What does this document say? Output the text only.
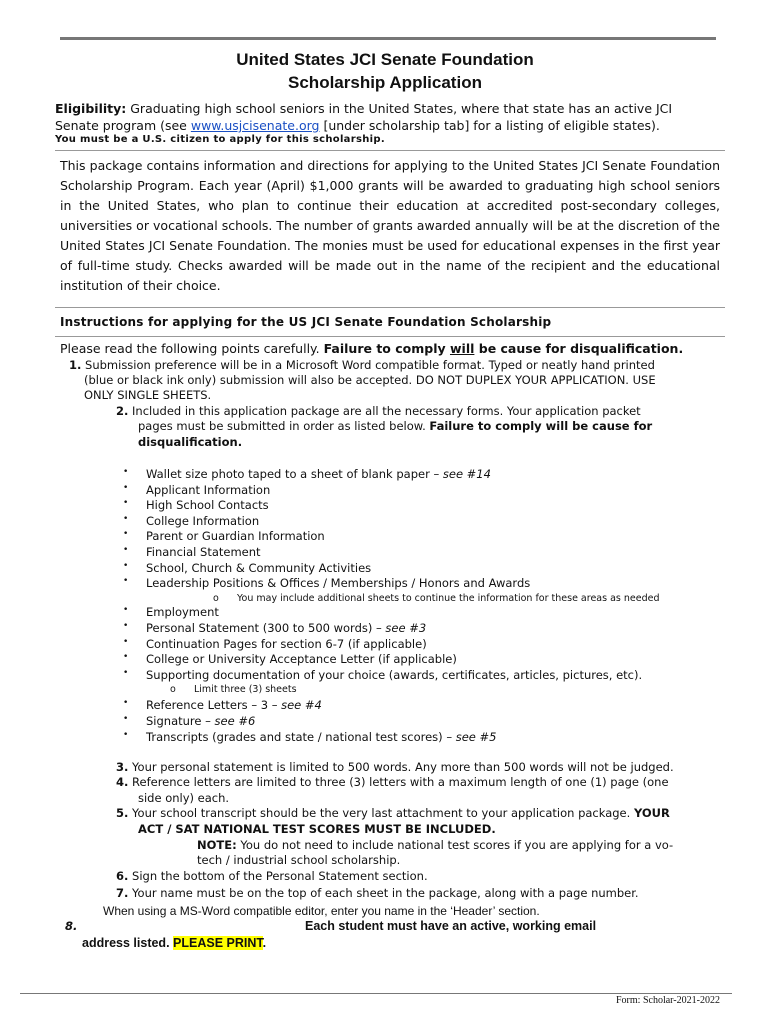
United States JCI Senate Foundation
Scholarship Application
Eligibility: Graduating high school seniors in the United States, where that state has an active JCI Senate program (see www.usjcisenate.org [under scholarship tab] for a listing of eligible states).
You must be a U.S. citizen to apply for this scholarship.
This package contains information and directions for applying to the United States JCI Senate Foundation Scholarship Program. Each year (April) $1,000 grants will be awarded to graduating high school seniors in the United States, who plan to continue their education at accredited post-secondary colleges, universities or vocational schools. The number of grants awarded annually will be at the discretion of the United States JCI Senate Foundation. The monies must be used for educational expenses in the first year of full-time study. Checks awarded will be made out in the name of the recipient and the educational institution of their choice.
Instructions for applying for the US JCI Senate Foundation Scholarship
Please read the following points carefully. Failure to comply will be cause for disqualification.
1. Submission preference will be in a Microsoft Word compatible format. Typed or neatly hand printed
(blue or black ink only) submission will also be accepted. DO NOT DUPLEX YOUR APPLICATION. USE
ONLY SINGLE SHEETS.
2. Included in this application package are all the necessary forms. Your application packet
pages must be submitted in order as listed below. Failure to comply will be cause for
disqualification.
• Wallet size photo taped to a sheet of blank paper – see #14
• Applicant Information
• High School Contacts
• College Information
• Parent or Guardian Information
• Financial Statement
• School, Church & Community Activities
• Leadership Positions & Offices / Memberships / Honors and Awards
o You may include additional sheets to continue the information for these areas as needed
• Employment
• Personal Statement (300 to 500 words) – see #3
• Continuation Pages for section 6-7 (if applicable)
• College or University Acceptance Letter (if applicable)
• Supporting documentation of your choice (awards, certificates, articles, pictures, etc).
o Limit three (3) sheets
• Reference Letters – 3 – see #4
• Signature – see #6
• Transcripts (grades and state / national test scores) – see #5
3. Your personal statement is limited to 500 words. Any more than 500 words will not be judged.
4. Reference letters are limited to three (3) letters with a maximum length of one (1) page (one
side only) each.
5. Your school transcript should be the very last attachment to your application package. YOUR
ACT / SAT NATIONAL TEST SCORES MUST BE INCLUDED.
NOTE: You do not need to include national test scores if you are applying for a vo-
tech / industrial school scholarship.
6. Sign the bottom of the Personal Statement section.
7. Your name must be on the top of each sheet in the package, along with a page number.
When using a MS-Word compatible editor, enter you name in the ‘Header’ section.
8.	Each student must have an active, working email
address listed. PLEASE PRINT.
Form: Scholar-2021-2022
